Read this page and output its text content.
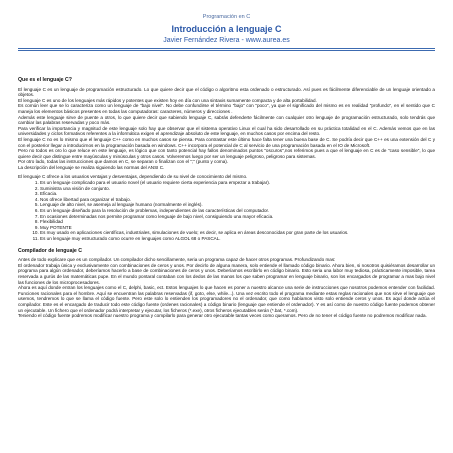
Programación en C
Introducción a lenguaje C
Javier Fernández Rivera - www.aurea.es
Que es el lenguaje C?

El lenguaje C es un lenguaje de programación estructurado. Lo que quiere decir que el código o algoritmo esta ordenado o estructurado. Así pues es fácilmente diferenciable de un lenguaje orientado a objetos.

El lenguaje C es uno de los lenguajes más rápidos y potentes que existen hoy en día con una sintaxis sumamente compacta y de alta portabilidad.

Es común leer que se lo caracteriza como un lenguaje de "bajo nivel". No debe confundirse el término "bajo" con "poco", ya que el significado del mismo es en realidad "profundo", en el sentido que C maneja los elementos básicos presentes en todas las computadoras: caracteres, números y direcciones .

Además este lenguaje sirve de puente a otros, lo que quiere decir que sabiendo lenguaje C, sabrás defenderte fácilmente con cualquier otro lenguaje de programación estructurado, solo tendrás que cambiar las palabras reservadas y poco más.

Para verificar la importancia y magnitud de este lenguaje solo hay que observar que el sistema operativo Linux el cual ha sido desarrollado en su práctica totalidad en el C. Además vemos que en las universidades y ciclos formativos referentes a la informática exigen el aprendizaje absoluto de este lenguaje, en muchos casos por encima del resto.

El lenguaje C no es lo mismo que el lenguaje C++ como en muchos casos se piensa. Para contrastar este último hace falta tener una buena base de C. Se podría decir que C++ es una extensión del C y con el posterior llegar a introducirnos en la programación basada en windows. C++ incorpora el potencial de C al servicio de una programación basada en el IO de Microsoft.

Pero no todos es oro lo que reluce en este lenguaje, es lógico que con tanto potencial hay fallos denominados puntos "oscuros",nos referimos pues a que el lenguaje en C es de "caso sensible", lo que quiere decir que distingue entre mayúsculas y minúsculas y otros casos. Volveremos luego por ser un lenguaje peligroso, peligroso para sistemas.

Por otro lado, todas las instrucciones que damos en C, se separan o finalizan con el ";" (punto y coma).

La descripción del lenguaje se realiza siguiendo las normas del ANSI C.

El lenguaje C ofrece a los usuarios ventajas y desventajas, dependiendo de su nivel de conocimiento del mismo.

1. Es un lenguaje complicado para el usuario novel (el usuario requiere cierta experiencia para empezar a trabajar).
2. Suministra una visión de conjunto.
3. Eficacia.
4. Nos ofrece libertad para organizar el trabajo.
5. Lenguaje de alto nivel, se asemeja al lenguaje humano (normalmente el inglés).
6. Es un lenguaje diseñado para la resolución de problemas, independientes de las características del computador.
7. En ocasiones determinadas nos permite programar como lenguaje de bajo nivel, consiguiendo una mayor eficacia.
8. Flexibilidad
9. Muy POTENTE
10. Es muy usado en aplicaciones científicas, industriales, simulaciones de vuelo; es decir, se aplica en áreas desconocidas por gran parte de los usuarios.
11. Es un lenguaje muy estructurado como ocurre en lenguajes como ALGOL 68 o PASCAL.
Compilador de lenguaje C

Antes de todo explicare que es un compilador. Un compilador dicho sencillamente, seria un programa capaz de hacer otros programas. Profundizando mas:

El ordenador trabaja única y exclusivamente con combinaciones de ceros y unos. Por decirlo de alguna manera, solo entiende el llamado código binario. Ahora bien, si nosotros quisiéramos desarrollar un programa para algún ordenador, deberíamos hacerlo a base de combinaciones de ceros y unos. Deberíamos escribirlo en código binario. Esto seria una labor muy tediosa, prácticamente imposible, tarea reservada a gurús de las matemáticas pupe. En el mundo pontaral contaban con los dedos de las manos los que saben programar en lenguaje binario, son los encargados de programar a mas bajo nivel las funciones de los microprocesadores.

Ahora es aquí donde entran los lenguajes como el C, delphi, basic, ect. Estos lenguajes lo que hacen es poner a nuestro alcance una serie de instrucciones que nosotros podemos entender con facilidad. Funciones racionales para el hombre. Aquí se encuentran las palabras reservadas (if, goto, else, while...). Una vez escrito todo el programa mediante estas reglas racionales que nos sirve el lenguaje que usemos, tendremos lo que se llama el código fuente. Pero este solo lo entienden los programadores no el ordenador, que como habíamos visto solo entiende ceros y unos. Es aquí donde actúa el compilador. Este es el encargado de traducir todo este código fuente (ordenes racionales) a código binario (lenguaje que entiende el ordenador). Y es así como de nuestro código fuente podemos obtener un ejecutable. Un fichero que el ordenador podrá interpretar y ejecutar, los ficheros (*.exe), otros ficheros ejecutables serán (*.bat, *.com).

Teniendo el código fuente podremos modificar nuestro programa y compilarlo para generar otro ejecutable tantas veces como queramos. Pero de no tener el código fuente no podremos modificar nada.
